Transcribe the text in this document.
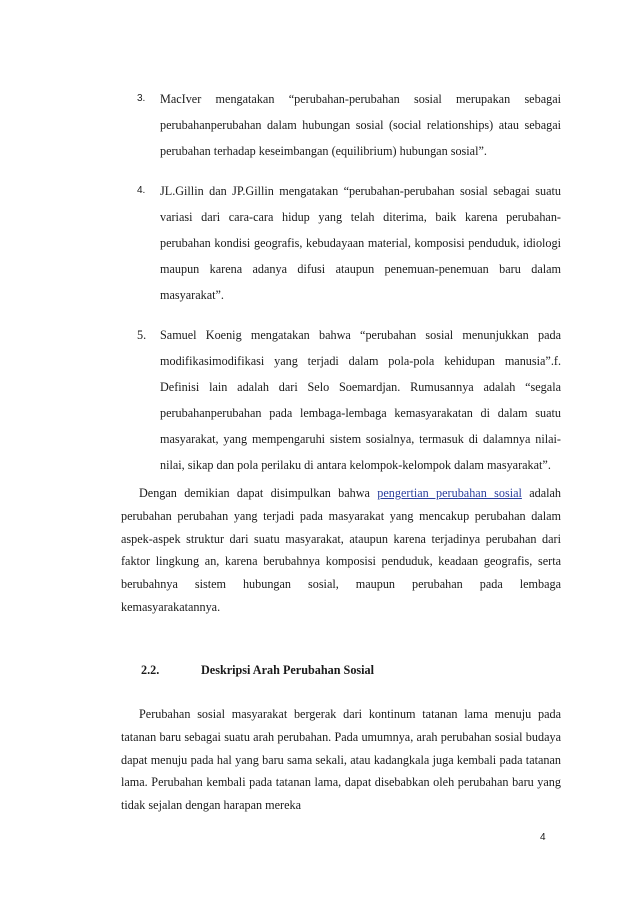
3. MacIver mengatakan “perubahan-perubahan sosial merupakan sebagai perubahanperubahan dalam hubungan sosial (social relationships) atau sebagai perubahan terhadap keseimbangan (equilibrium) hubungan sosial”.
4. JL.Gillin dan JP.Gillin mengatakan “perubahan-perubahan sosial sebagai suatu variasi dari cara-cara hidup yang telah diterima, baik karena perubahan-perubahan kondisi geografis, kebudayaan material, komposisi penduduk, idiologi maupun karena adanya difusi ataupun penemuan-penemuan baru dalam masyarakat”.
5. Samuel Koenig mengatakan bahwa “perubahan sosial menunjukkan pada modifikasimodifikasi yang terjadi dalam pola-pola kehidupan manusia”.f. Definisi lain adalah dari Selo Soemardjan. Rumusannya adalah “segala perubahanperubahan pada lembaga-lembaga kemasyarakatan di dalam suatu masyarakat, yang mempengaruhi sistem sosialnya, termasuk di dalamnya nilai-nilai, sikap dan pola perilaku di antara kelompok-kelompok dalam masyarakat”.
Dengan demikian dapat disimpulkan bahwa pengertian perubahan sosial adalah perubahan perubahan yang terjadi pada masyarakat yang mencakup perubahan dalam aspek-aspek struktur dari suatu masyarakat, ataupun karena terjadinya perubahan dari faktor lingkung an, karena berubahnya komposisi penduduk, keadaan geografis, serta berubahnya sistem hubungan sosial, maupun perubahan pada lembaga kemasyarakatannya.
2.2.	Deskripsi Arah Perubahan Sosial
Perubahan sosial masyarakat bergerak dari kontinum tatanan lama menuju pada tatanan baru sebagai suatu arah perubahan. Pada umumnya, arah perubahan sosial budaya dapat menuju pada hal yang baru sama sekali, atau kadangkala juga kembali pada tatanan lama. Perubahan kembali pada tatanan lama, dapat disebabkan oleh perubahan baru yang tidak sejalan dengan harapan mereka
4
